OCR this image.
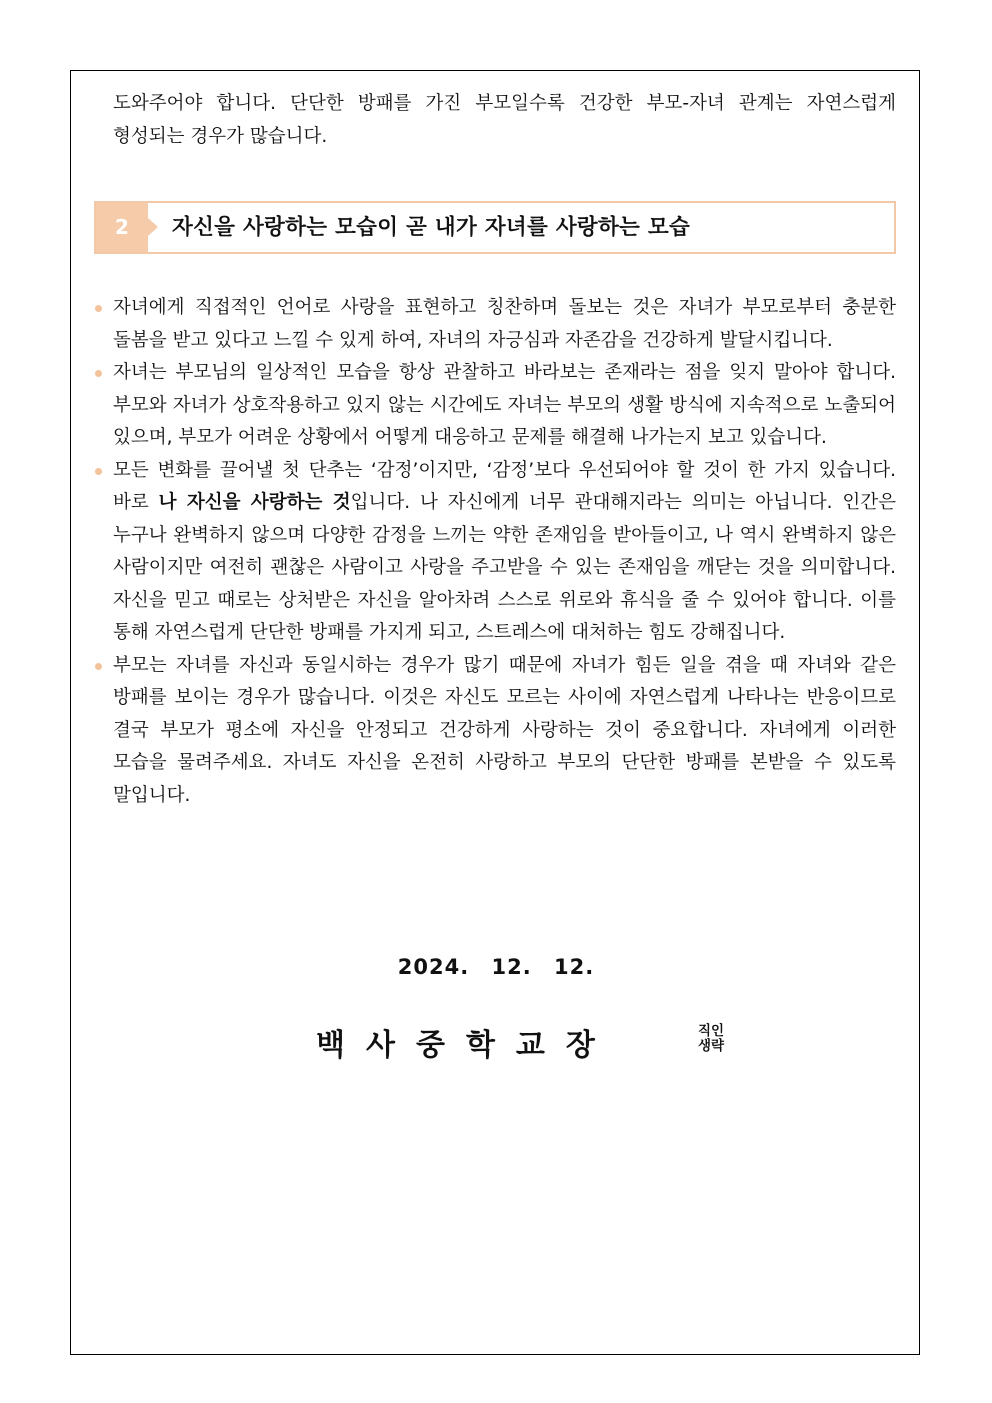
도와주어야 합니다. 단단한 방패를 가진 부모일수록 건강한 부모-자녀 관계는 자연스럽게 형성되는 경우가 많습니다.
2	자신을 사랑하는 모습이 곧 내가 자녀를 사랑하는 모습
자녀에게 직접적인 언어로 사랑을 표현하고 칭찬하며 돌보는 것은 자녀가 부모로부터 충분한 돌봄을 받고 있다고 느낄 수 있게 하여, 자녀의 자긍심과 자존감을 건강하게 발달시킵니다.
자녀는 부모님의 일상적인 모습을 항상 관찰하고 바라보는 존재라는 점을 잊지 말아야 합니다. 부모와 자녀가 상호작용하고 있지 않는 시간에도 자녀는 부모의 생활 방식에 지속적으로 노출되어 있으며, 부모가 어려운 상황에서 어떻게 대응하고 문제를 해결해 나가는지 보고 있습니다.
모든 변화를 끌어낼 첫 단추는 ‘감정’이지만, ‘감정’보다 우선되어야 할 것이 한 가지 있습니다. 바로 나 자신을 사랑하는 것입니다. 나 자신에게 너무 관대해지라는 의미는 아닙니다. 인간은 누구나 완벽하지 않으며 다양한 감정을 느끼는 약한 존재임을 받아들이고, 나 역시 완벽하지 않은 사람이지만 여전히 괜찮은 사람이고 사랑을 주고받을 수 있는 존재임을 깨닫는 것을 의미합니다. 자신을 믿고 때로는 상처받은 자신을 알아차려 스스로 위로와 휴식을 줄 수 있어야 합니다. 이를 통해 자연스럽게 단단한 방패를 가지게 되고, 스트레스에 대처하는 힘도 강해집니다.
부모는 자녀를 자신과 동일시하는 경우가 많기 때문에 자녀가 힘든 일을 겪을 때 자녀와 같은 방패를 보이는 경우가 많습니다. 이것은 자신도 모르는 사이에 자연스럽게 나타나는 반응이므로 결국 부모가 평소에 자신을 안정되고 건강하게 사랑하는 것이 중요합니다. 자녀에게 이러한 모습을 물려주세요. 자녀도 자신을 온전히 사랑하고 부모의 단단한 방패를 본받을 수 있도록 말입니다.
2024. 12. 12.
백사중학교장	직인
생략
